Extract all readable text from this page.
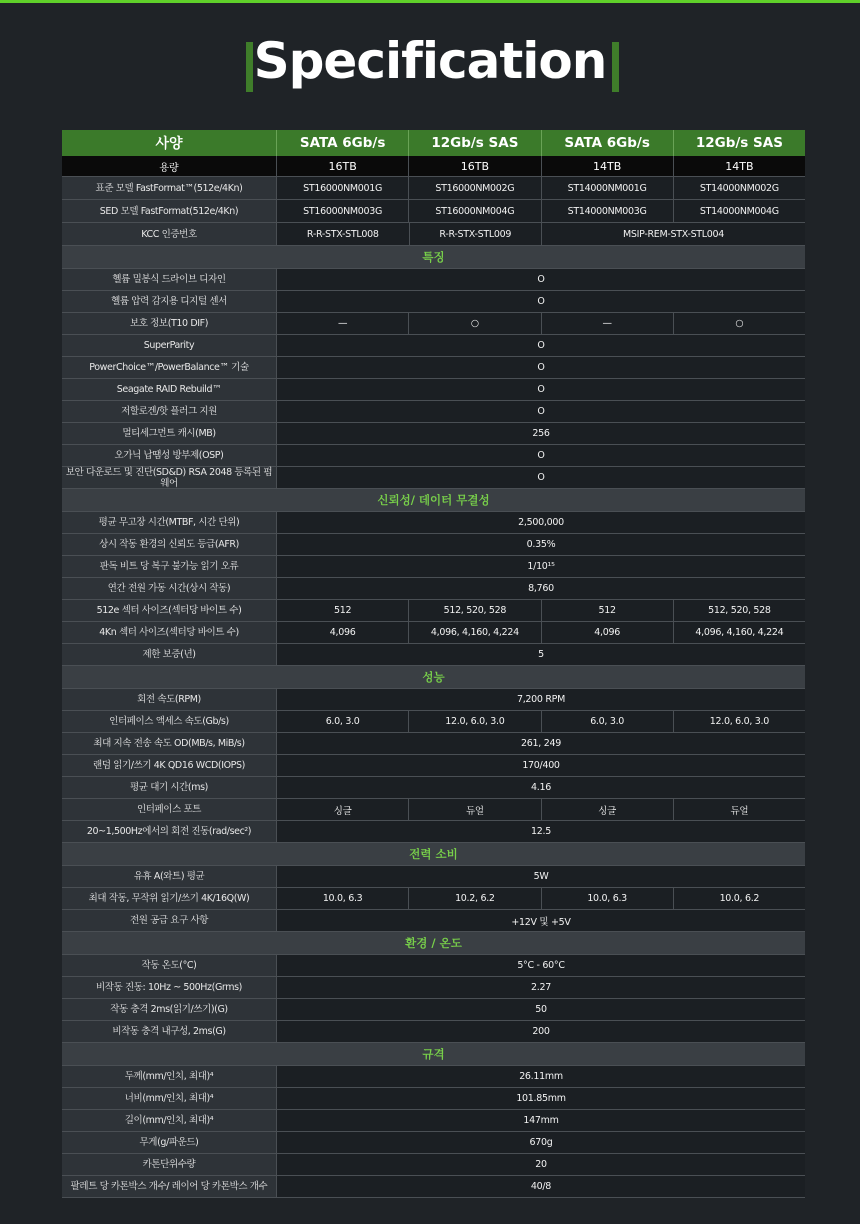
Specification
사양	SATA 6Gb/s	12Gb/s SAS	SATA 6Gb/s	12Gb/s SAS
용량	16TB	16TB	14TB	14TB
표준 모델 FastFormat™(512e/4Kn)	ST16000NM001G	ST16000NM002G	ST14000NM001G	ST14000NM002G
SED 모델 FastFormat(512e/4Kn)	ST16000NM003G	ST16000NM004G	ST14000NM003G	ST14000NM004G
KCC 인증번호	R-R-STX-STL008	R-R-STX-STL009	MSIP-REM-STX-STL004
특징
헬륨 밀봉식 드라이브 디자인	O
헬륨 압력 감지용 디지털 센서	O
보호 정보(T10 DIF)	—	○	—	○
SuperParity	O
PowerChoice™/PowerBalance™ 기술	O
Seagate RAID Rebuild™	O
저할로겐/핫 플러그 지원	O
멀티세그먼트 캐시(MB)	256
오가닉 납땜성 방부제(OSP)	O
보안 다운로드 및 진단(SD&D) RSA 2048 등록된 펌웨어	O
신뢰성/ 데이터 무결성
평균 무고장 시간(MTBF, 시간 단위)	2,500,000
상시 작동 환경의 신뢰도 등급(AFR)	0.35%
판독 비트 당 복구 불가능 읽기 오류	1/10¹⁵
연간 전원 가동 시간(상시 작동)	8,760
512e 섹터 사이즈(섹터당 바이트 수)	512	512, 520, 528	512	512, 520, 528
4Kn 섹터 사이즈(섹터당 바이트 수)	4,096	4,096, 4,160, 4,224	4,096	4,096, 4,160, 4,224
제한 보증(년)	5
성능
회전 속도(RPM)	7,200 RPM
인터페이스 액세스 속도(Gb/s)	6.0, 3.0	12.0, 6.0, 3.0	6.0, 3.0	12.0, 6.0, 3.0
최대 지속 전송 속도 OD(MB/s, MiB/s)	261, 249
랜덤 읽기/쓰기 4K QD16 WCD(IOPS)	170/400
평균 대기 시간(ms)	4.16
인터페이스 포트	싱글	듀얼	싱글	듀얼
20~1,500Hz에서의 회전 진동(rad/sec²)	12.5
전력 소비
유휴 A(와트) 평균	5W
최대 작동, 무작위 읽기/쓰기 4K/16Q(W)	10.0, 6.3	10.2, 6.2	10.0, 6.3	10.0, 6.2
전원 공급 요구 사항	+12V 및 +5V
환경 / 온도
작동 온도(°C)	5°C - 60°C
비작동 진동: 10Hz ~ 500Hz(Grms)	2.27
작동 충격 2ms(읽기/쓰기)(G)	50
비작동 충격 내구성, 2ms(G)	200
규격
두께(mm/인치, 최대)⁴	26.11mm
너비(mm/인치, 최대)⁴	101.85mm
길이(mm/인치, 최대)⁴	147mm
무게(g/파운드)	670g
카톤단위수량	20
팔레트 당 카톤박스 개수/ 레이어 당 카톤박스 개수	40/8
